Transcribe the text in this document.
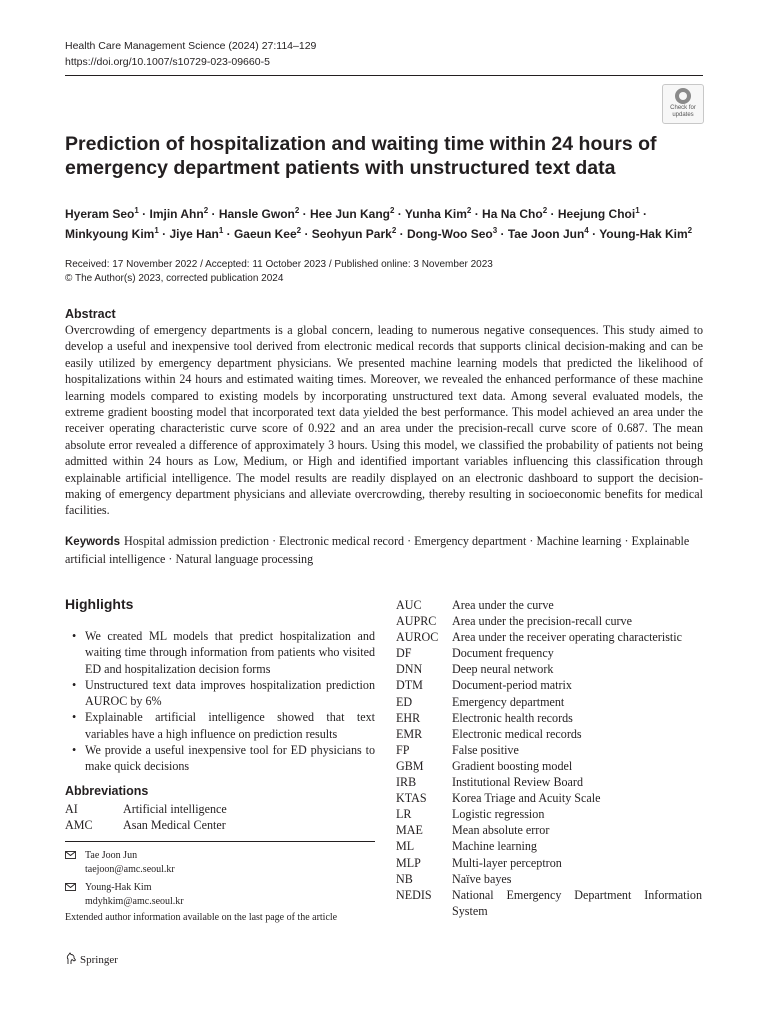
Health Care Management Science (2024) 27:114–129
https://doi.org/10.1007/s10729-023-09660-5
Check for
updates
Prediction of hospitalization and waiting time within 24 hours of emergency department patients with unstructured text data
Hyeram Seo$^1$ · Imjin Ahn$^2$ · Hansle Gwon$^2$ · Hee Jun Kang$^2$ · Yunha Kim$^2$ · Ha Na Cho$^2$ · Heejung Choi$^1$ · Minkyoung Kim$^1$ · Jiye Han$^1$ · Gaeun Kee$^2$ · Seohyun Park$^2$ · Dong-Woo Seo$^3$ · Tae Joon Jun$^4$ · Young-Hak Kim$^2$
Received: 17 November 2022 / Accepted: 11 October 2023 / Published online: 3 November 2023
© The Author(s) 2023, corrected publication 2024
Abstract
Overcrowding of emergency departments is a global concern, leading to numerous negative consequences. This study aimed to develop a useful and inexpensive tool derived from electronic medical records that supports clinical decision-making and can be easily utilized by emergency department physicians. We presented machine learning models that predicted the likelihood of hospitalizations within 24 hours and estimated waiting times. Moreover, we revealed the enhanced performance of these machine learning models compared to existing models by incorporating unstructured text data. Among several evaluated models, the extreme gradient boosting model that incorporated text data yielded the best performance. This model achieved an area under the receiver operating characteristic curve score of 0.922 and an area under the precision-recall curve score of 0.687. The mean absolute error revealed a difference of approximately 3 hours. Using this model, we classified the probability of patients not being admitted within 24 hours as Low, Medium, or High and identified important variables influencing this classification through explainable artificial intelligence. The model results are readily displayed on an electronic dashboard to support the decision-making of emergency department physicians and alleviate overcrowding, thereby resulting in socioeconomic benefits for medical facilities.
Keywords Hospital admission prediction · Electronic medical record · Emergency department · Machine learning · Explainable artificial intelligence · Natural language processing
Highlights
• We created ML models that predict hospitalization and waiting time through information from patients who visited ED and hospitalization decision forms
• Unstructured text data improves hospitalization prediction AUROC by 6%
• Explainable artificial intelligence showed that text variables have a high influence on prediction results
• We provide a useful inexpensive tool for ED physicians to make quick decisions
Abbreviations
AI	Artificial intelligence
AMC	Asan Medical Center
AUC	Area under the curve
AUPRC	Area under the precision-recall curve
AUROC	Area under the receiver operating characteristic
DF	Document frequency
DNN	Deep neural network
DTM	Document-period matrix
ED	Emergency department
EHR	Electronic health records
EMR	Electronic medical records
FP	False positive
GBM	Gradient boosting model
IRB	Institutional Review Board
KTAS	Korea Triage and Acuity Scale
LR	Logistic regression
MAE	Mean absolute error
ML	Machine learning
MLP	Multi-layer perceptron
NB	Naïve bayes
NEDIS	National Emergency Department Information System
Tae Joon Jun
taejoon@amc.seoul.kr
Young-Hak Kim
mdyhkim@amc.seoul.kr
Extended author information available on the last page of the article
Springer
